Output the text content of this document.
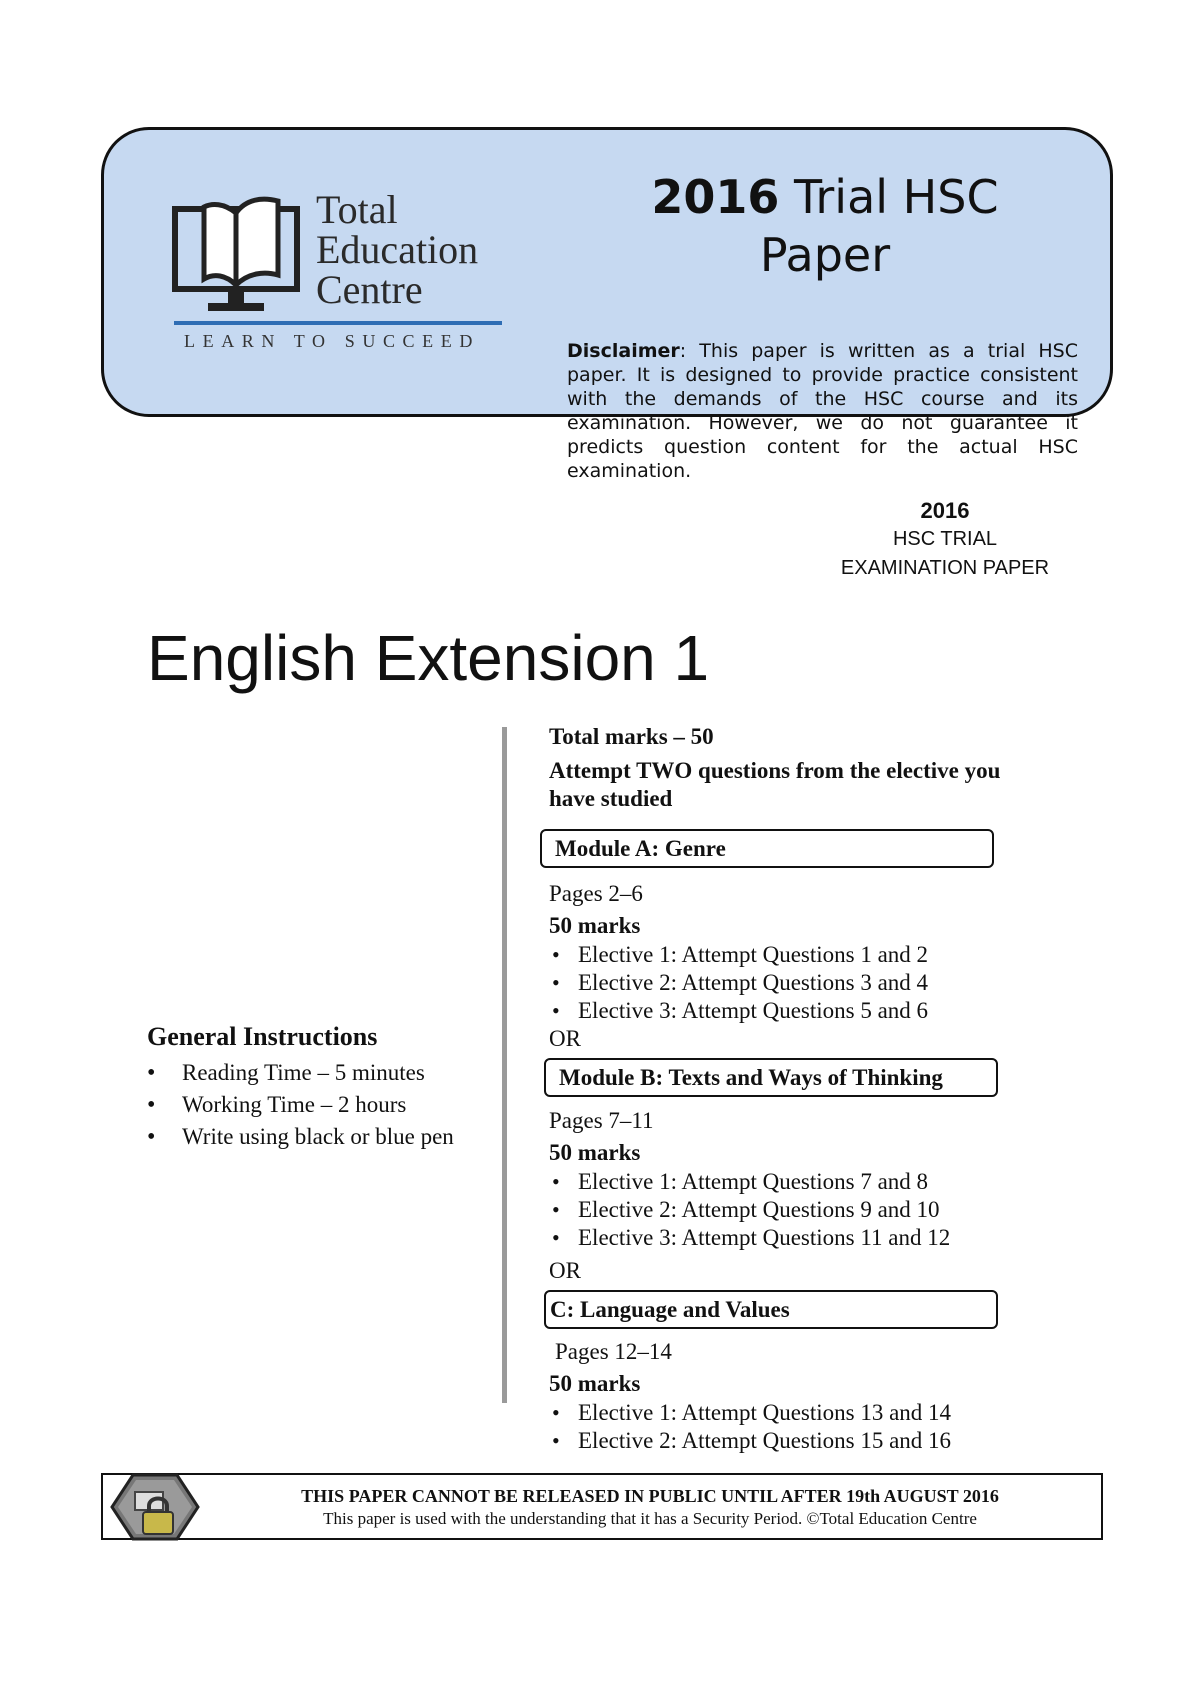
Total
Education
Centre
LEARN TO SUCCEED
2016 Trial HSC
Paper
Disclaimer: This paper is written as a trial HSC paper. It is designed to provide practice consistent with the demands of the HSC course and its examination. However, we do not guarantee it predicts question content for the actual HSC examination.
2016
HSC TRIAL
EXAMINATION PAPER
English Extension 1
General Instructions
• Reading Time – 5 minutes
• Working Time – 2 hours
• Write using black or blue pen
Total marks – 50
Attempt TWO questions from the elective you have studied
Module A: Genre
Pages 2–6
50 marks
• Elective 1: Attempt Questions 1 and 2
• Elective 2: Attempt Questions 3 and 4
• Elective 3: Attempt Questions 5 and 6
OR
Module B: Texts and Ways of Thinking
Pages 7–11
50 marks
• Elective 1: Attempt Questions 7 and 8
• Elective 2: Attempt Questions 9 and 10
• Elective 3: Attempt Questions 11 and 12
OR
C: Language and Values
Pages 12–14
50 marks
• Elective 1: Attempt Questions 13 and 14
• Elective 2: Attempt Questions 15 and 16
THIS PAPER CANNOT BE RELEASED IN PUBLIC UNTIL AFTER 19th AUGUST 2016
This paper is used with the understanding that it has a Security Period. ©Total Education Centre
